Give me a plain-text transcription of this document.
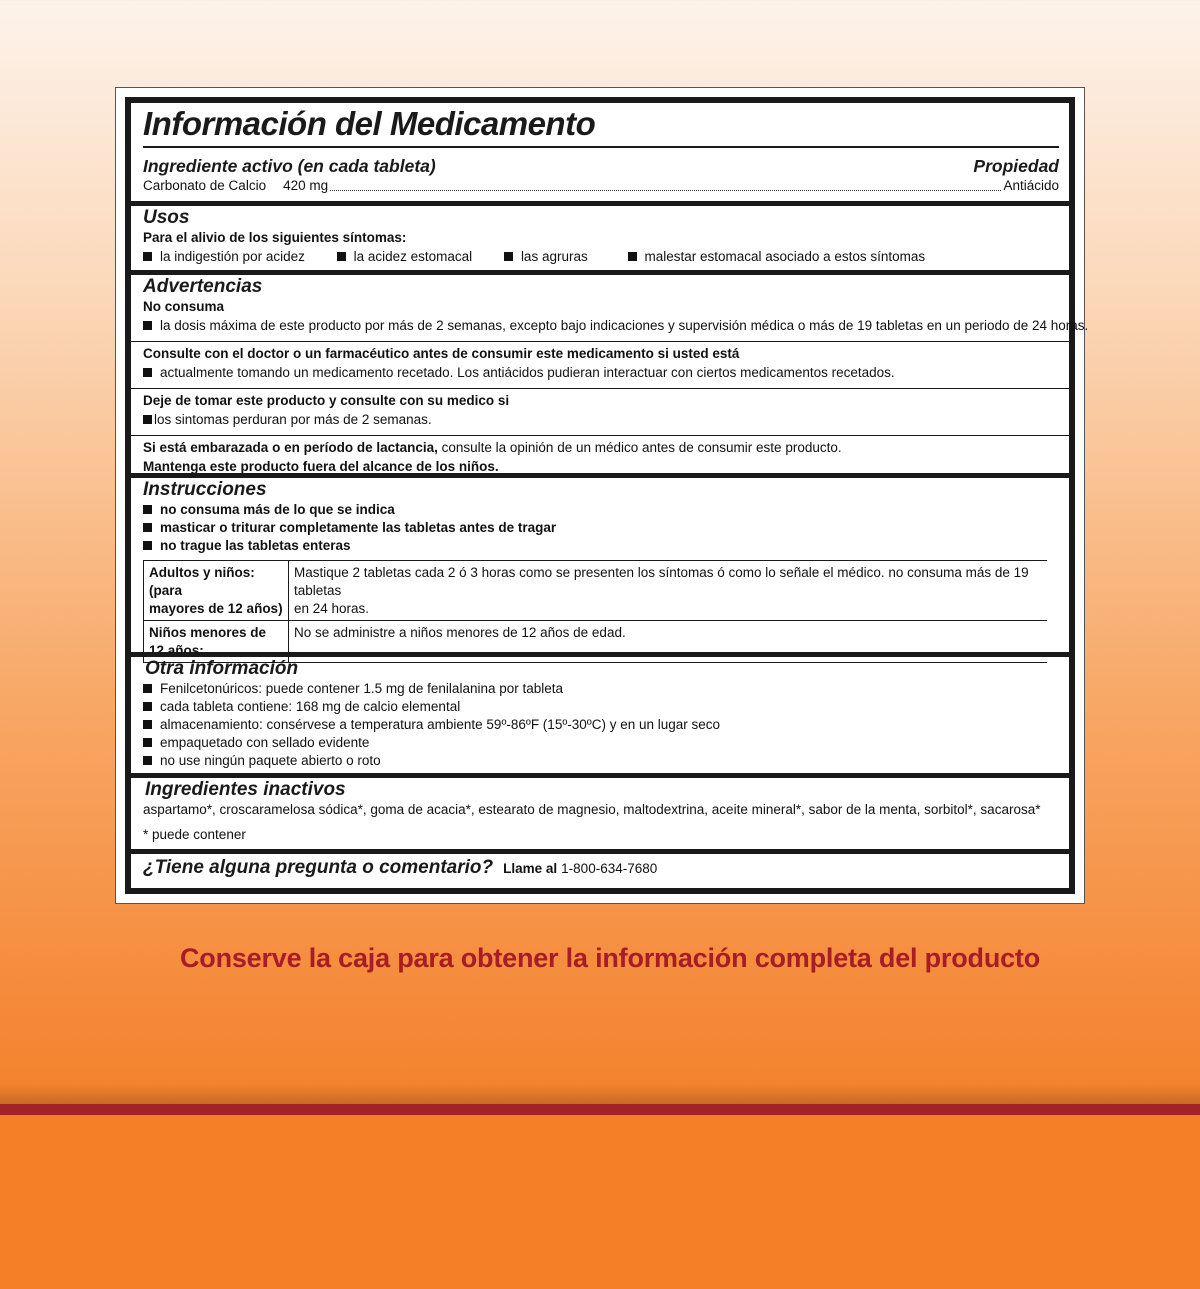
Información del Medicamento
Ingrediente activo (en cada tableta)	Propiedad
Carbonato de Calcio 420 mg	Antiácido
Usos
Para el alivio de los siguientes síntomas:
la indigestión por acidez	la acidez estomacal	las agruras	malestar estomacal asociado a estos síntomas
Advertencias
No consuma
la dosis máxima de este producto por más de 2 semanas, excepto bajo indicaciones y supervisión médica o más de 19 tabletas en un periodo de 24 horas.
Consulte con el doctor o un farmacéutico antes de consumir este medicamento si usted está
actualmente tomando un medicamento recetado. Los antiácidos pudieran interactuar con ciertos medicamentos recetados.
Deje de tomar este producto y consulte con su medico si
los sintomas perduran por más de 2 semanas.
Si está embarazada o en período de lactancia, consulte la opinión de un médico antes de consumir este producto.
Mantenga este producto fuera del alcance de los niños.
Instrucciones
no consuma más de lo que se indica
masticar o triturar completamente las tabletas antes de tragar
no trague las tabletas enteras
Adultos y niños: (para
mayores de 12 años)	Mastique 2 tabletas cada 2 ó 3 horas como se presenten los síntomas ó como lo señale el médico. no consuma más de 19 tabletas
en 24 horas.
Niños menores de
12 años:	No se administre a niños menores de 12 años de edad.
Otra información
Fenilcetonúricos: puede contener 1.5 mg de fenilalanina por tableta
cada tableta contiene: 168 mg de calcio elemental
almacenamiento: consérvese a temperatura ambiente 59º-86ºF (15º-30ºC) y en un lugar seco
empaquetado con sellado evidente
no use ningún paquete abierto o roto
Ingredientes inactivos
aspartamo*, croscaramelosa sódica*, goma de acacia*, estearato de magnesio, maltodextrina, aceite mineral*, sabor de la menta, sorbitol*, sacarosa*
* puede contener
¿Tiene alguna pregunta o comentario? Llame al 1-800-634-7680
Conserve la caja para obtener la información completa del producto
